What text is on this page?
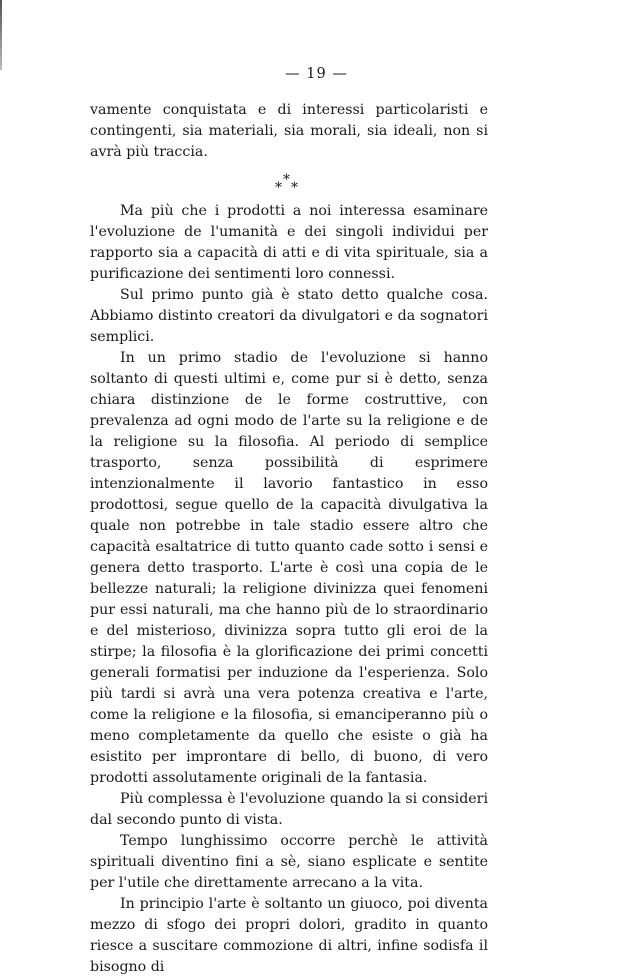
— 19 —

vamente conquistata e di interessi particolaristi e contingenti, sia materiali, sia morali, sia ideali, non si avrà più traccia.

*
* *

Ma più che i prodotti a noi interessa esaminare l'evoluzione de l'umanità e dei singoli individui per rapporto sia a capacità di atti e di vita spirituale, sia a purificazione dei sentimenti loro connessi.

Sul primo punto già è stato detto qualche cosa. Abbiamo distinto creatori da divulgatori e da sognatori semplici.

In un primo stadio de l'evoluzione si hanno soltanto di questi ultimi e, come pur si è detto, senza chiara distinzione de le forme costruttive, con prevalenza ad ogni modo de l'arte su la religione e de la religione su la filosofia. Al periodo di semplice trasporto, senza possibilità di esprimere intenzionalmente il lavorio fantastico in esso prodottosi, segue quello de la capacità divulgativa la quale non potrebbe in tale stadio essere altro che capacità esaltatrice di tutto quanto cade sotto i sensi e genera detto trasporto. L'arte è così una copia de le bellezze naturali; la religione divinizza quei fenomeni pur essi naturali, ma che hanno più de lo straordinario e del misterioso, divinizza sopra tutto gli eroi de la stirpe; la filosofia è la glorificazione dei primi concetti generali formatisi per induzione da l'esperienza. Solo più tardi si avrà una vera potenza creativa e l'arte, come la religione e la filosofia, si emanciperanno più o meno completamente da quello che esiste o già ha esistito per improntare di bello, di buono, di vero prodotti assolutamente originali de la fantasia.

Più complessa è l'evoluzione quando la si consideri dal secondo punto di vista.

Tempo lunghissimo occorre perchè le attività spirituali diventino fini a sè, siano esplicate e sentite per l'utile che direttamente arrecano a la vita.

In principio l'arte è soltanto un giuoco, poi diventa mezzo di sfogo dei propri dolori, gradito in quanto riesce a suscitare commozione di altri, infine sodisfa il bisogno di
